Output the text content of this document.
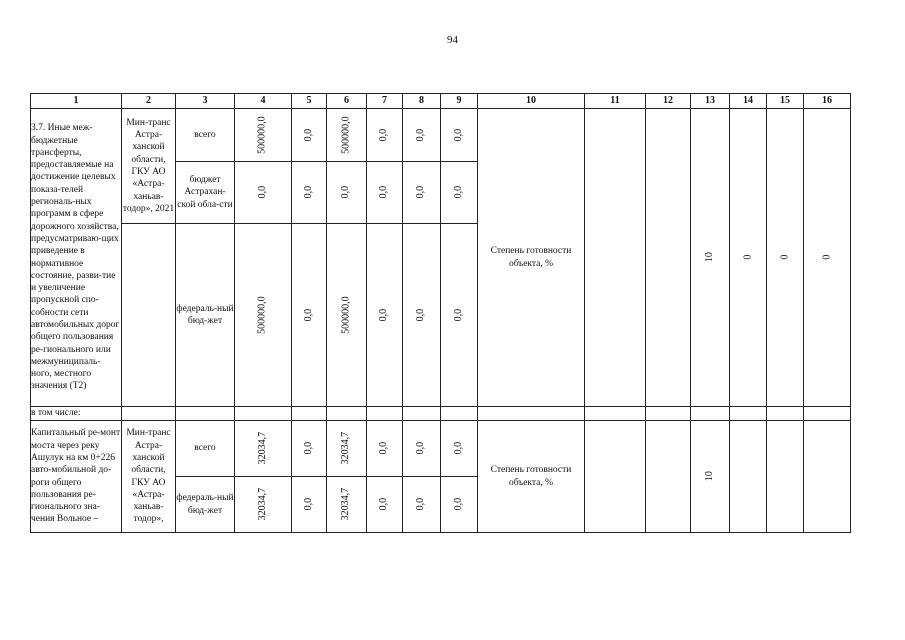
94
1	2	3	4	5	6	7	8	9	10	11	12	13	14	15	16
3.7. Иные меж-бюджетные трансферты, предоставляемые на достижение целевых показа-телей региональ-ных программ в сфере дорожного хозяйства, предусматриваю-щих приведение в нормативное состояние, разви-тие и увеличение пропускной спо-собности сети автомобильных дорог общего пользования ре-гионального или межмуниципаль-ного, местного значения (Т2)	Мин-транс Астра-ханской области, ГКУ АО «Астра-ханьав-тодор», 2021	всего	500000,0	0,0	500000,0	0,0	0,0	0,0	Степень готовности объекта, %			10	0	0	0
		бюджет Астрахан-ской обла-сти	0,0	0,0	0,0	0,0	0,0	0,0							
		федераль-ный бюд-жет	500000,0	0,0	500000,0	0,0	0,0	0,0							
в том числе:															
Капитальный ре-монт моста через реку Ашулук на км 0+226 авто-мобильной до-роги общего пользования ре-гионального зна-чения Вольное –	Мин-транс Астра-ханской области, ГКУ АО «Астра-ханьав-тодор»,	всего	32034,7	0,0	32034,7	0,0	0,0	0,0	Степень готовности объекта, %			10			
		федераль-ный бюд-жет	32034,7	0,0	32034,7	0,0	0,0	0,0							
